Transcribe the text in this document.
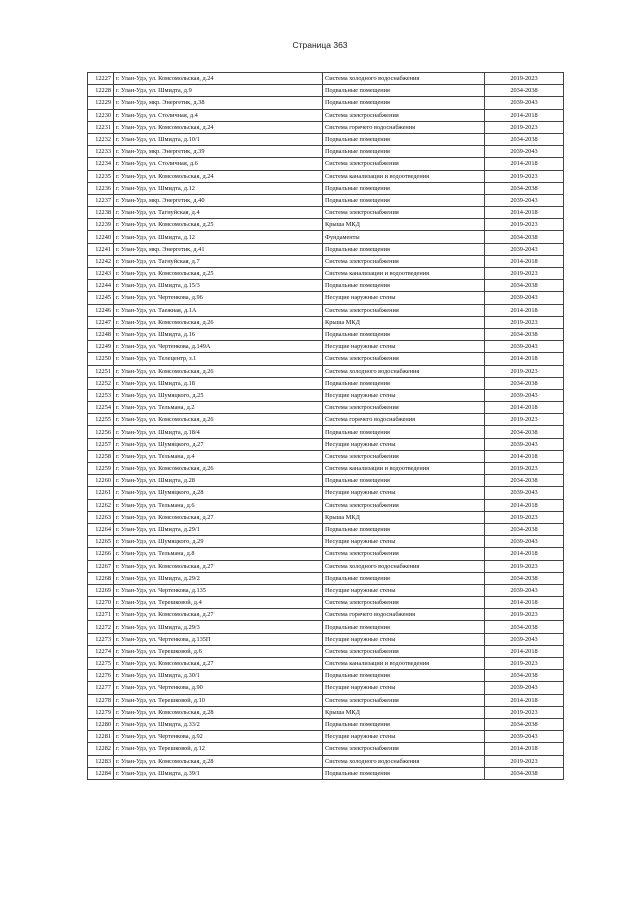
Страница 363
12227	г. Улан-Удэ, ул. Комсомольская, д.24	Система холодного водоснабжения	2019-2023
12228	г. Улан-Удэ, ул. Шмидта, д.9	Подвальные помещения	2034-2038
12229	г. Улан-Удэ, мкр. Энергетик, д.38	Подвальные помещения	2039-2043
12230	г. Улан-Удэ, ул. Столичная, д.4	Система электроснабжения	2014-2018
12231	г. Улан-Удэ, ул. Комсомольская, д.24	Система горячего водоснабжения	2019-2023
12232	г. Улан-Удэ, ул. Шмидта, д.10/1	Подвальные помещения	2034-2038
12233	г. Улан-Удэ, мкр. Энергетик, д.39	Подвальные помещения	2039-2043
12234	г. Улан-Удэ, ул. Столичная, д.6	Система электроснабжения	2014-2018
12235	г. Улан-Удэ, ул. Комсомольская, д.24	Система канализации и водоотведения	2019-2023
12236	г. Улан-Удэ, ул. Шмидта, д.12	Подвальные помещения	2034-2038
12237	г. Улан-Удэ, мкр. Энергетик, д.40	Подвальные помещения	2039-2043
12238	г. Улан-Удэ, ул. Тагнуйская, д.4	Система электроснабжения	2014-2018
12239	г. Улан-Удэ, ул. Комсомольская, д.25	Крыша МКД	2019-2023
12240	г. Улан-Удэ, ул. Шмидта, д.12	Фундаменты	2034-2038
12241	г. Улан-Удэ, мкр. Энергетик, д.41	Подвальные помещения	2039-2043
12242	г. Улан-Удэ, ул. Тагнуйская, д.7	Система электроснабжения	2014-2018
12243	г. Улан-Удэ, ул. Комсомольская, д.25	Система канализации и водоотведения	2019-2023
12244	г. Улан-Удэ, ул. Шмидта, д.15/3	Подвальные помещения	2034-2038
12245	г. Улан-Удэ, ул. Чертенкова, д.96	Несущие наружные стены	2039-2043
12246	г. Улан-Удэ, ул. Таежная, д.1А	Система электроснабжения	2014-2018
12247	г. Улан-Удэ, ул. Комсомольская, д.26	Крыша МКД	2019-2023
12248	г. Улан-Удэ, ул. Шмидта, д.16	Подвальные помещения	2034-2038
12249	г. Улан-Удэ, ул. Чертенкова, д.149А	Несущие наружные стены	2039-2043
12250	г. Улан-Удэ, ул. Телецентр, з.1	Система электроснабжения	2014-2018
12251	г. Улан-Удэ, ул. Комсомольская, д.26	Система холодного водоснабжения	2019-2023
12252	г. Улан-Удэ, ул. Шмидта, д.18	Подвальные помещения	2034-2038
12253	г. Улан-Удэ, ул. Шумяцкого, д.25	Несущие наружные стены	2039-2043
12254	г. Улан-Удэ, ул. Тельмана, д.2	Система электроснабжения	2014-2018
12255	г. Улан-Удэ, ул. Комсомольская, д.26	Система горячего водоснабжения	2019-2023
12256	г. Улан-Удэ, ул. Шмидта, д.18/4	Подвальные помещения	2034-2038
12257	г. Улан-Удэ, ул. Шумяцкого, д.27	Несущие наружные стены	2039-2043
12258	г. Улан-Удэ, ул. Тельмана, д.4	Система электроснабжения	2014-2018
12259	г. Улан-Удэ, ул. Комсомольская, д.26	Система канализации и водоотведения	2019-2023
12260	г. Улан-Удэ, ул. Шмидта, д.28	Подвальные помещения	2034-2038
12261	г. Улан-Удэ, ул. Шумяцкого, д.28	Несущие наружные стены	2039-2043
12262	г. Улан-Удэ, ул. Тельмана, д.6	Система электроснабжения	2014-2018
12263	г. Улан-Удэ, ул. Комсомольская, д.27	Крыша МКД	2019-2023
12264	г. Улан-Удэ, ул. Шмидта, д.29/1	Подвальные помещения	2034-2038
12265	г. Улан-Удэ, ул. Шумяцкого, д.29	Несущие наружные стены	2039-2043
12266	г. Улан-Удэ, ул. Тельмана, д.8	Система электроснабжения	2014-2018
12267	г. Улан-Удэ, ул. Комсомольская, д.27	Система холодного водоснабжения	2019-2023
12268	г. Улан-Удэ, ул. Шмидта, д.29/2	Подвальные помещения	2034-2038
12269	г. Улан-Удэ, ул. Чертенкова, д.135	Несущие наружные стены	2039-2043
12270	г. Улан-Удэ, ул. Терешковой, д.4	Система электроснабжения	2014-2018
12271	г. Улан-Удэ, ул. Комсомольская, д.27	Система горячего водоснабжения	2019-2023
12272	г. Улан-Удэ, ул. Шмидта, д.29/3	Подвальные помещения	2034-2038
12273	г. Улан-Удэ, ул. Чертенкова, д.135П	Несущие наружные стены	2039-2043
12274	г. Улан-Удэ, ул. Терешковой, д.6	Система электроснабжения	2014-2018
12275	г. Улан-Удэ, ул. Комсомольская, д.27	Система канализации и водоотведения	2019-2023
12276	г. Улан-Удэ, ул. Шмидта, д.30/1	Подвальные помещения	2034-2038
12277	г. Улан-Удэ, ул. Чертенкова, д.90	Несущие наружные стены	2039-2043
12278	г. Улан-Удэ, ул. Терешковой, д.10	Система электроснабжения	2014-2018
12279	г. Улан-Удэ, ул. Комсомольская, д.28	Крыша МКД	2019-2023
12280	г. Улан-Удэ, ул. Шмидта, д.33/2	Подвальные помещения	2034-2038
12281	г. Улан-Удэ, ул. Чертенкова, д.92	Несущие наружные стены	2039-2043
12282	г. Улан-Удэ, ул. Терешковой, д.12	Система электроснабжения	2014-2018
12283	г. Улан-Удэ, ул. Комсомольская, д.28	Система холодного водоснабжения	2019-2023
12284	г. Улан-Удэ, ул. Шмидта, д.39/1	Подвальные помещения	2034-2038
